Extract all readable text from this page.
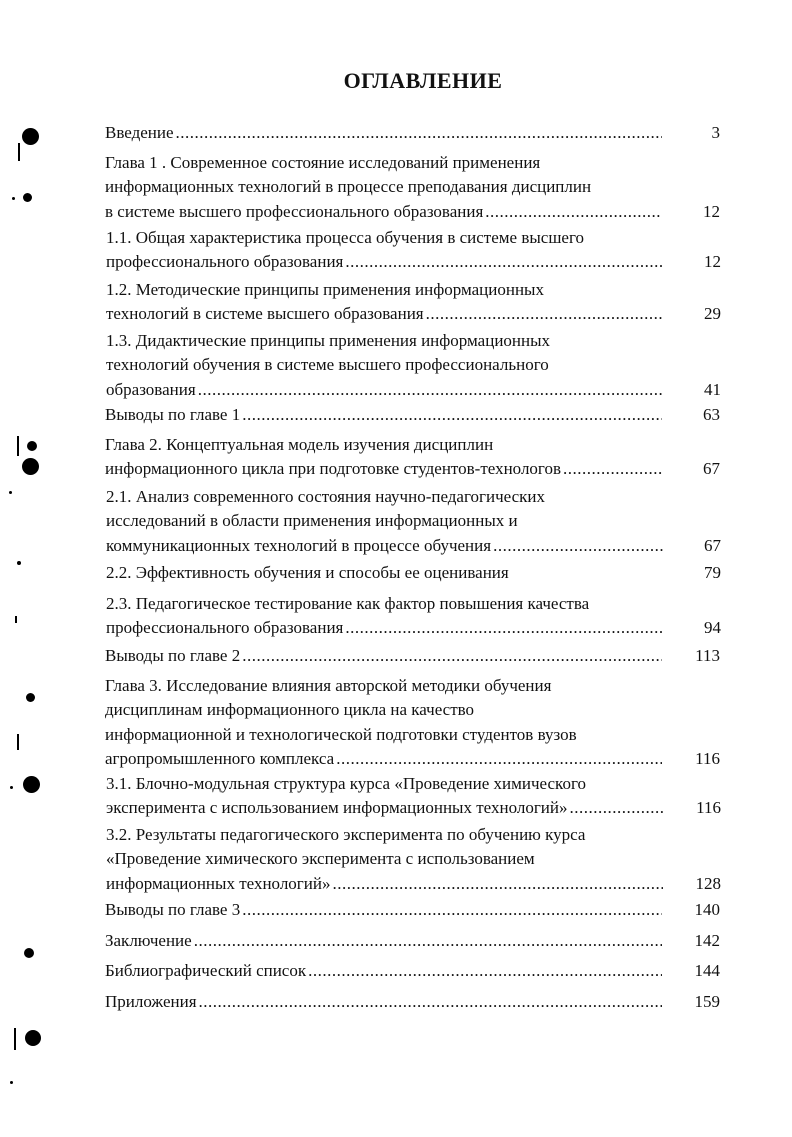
ОГЛАВЛЕНИЕ
Введение .....	3
Глава 1 . Современное состояние исследований применения
информационных технологий в процессе преподавания дисциплин
в системе высшего профессионального образования .....	12
1.1. Общая характеристика процесса обучения в системе высшего
профессионального образования .....	12
1.2. Методические принципы применения информационных
технологий в системе высшего образования .....	29
1.3. Дидактические принципы применения информационных
технологий обучения в системе высшего профессионального
образования .....	41
Выводы по главе 1 .....	63
Глава 2. Концептуальная модель изучения дисциплин
информационного цикла при подготовке студентов-технологов .....	67
2.1. Анализ современного состояния научно-педагогических
исследований в области применения информационных и
коммуникационных технологий в процессе обучения .....	67
2.2. Эффективность обучения и способы ее оценивания	79
2.3. Педагогическое тестирование как фактор повышения качества
профессионального образования .....	94
Выводы по главе 2 .....	113
Глава 3. Исследование влияния авторской методики обучения
дисциплинам информационного цикла на качество
информационной и технологической подготовки студентов вузов
агропромышленного комплекса .....	116
3.1. Блочно-модульная структура курса «Проведение химического
эксперимента с использованием информационных технологий» .....	116
3.2. Результаты педагогического эксперимента по обучению курса
«Проведение химического эксперимента с использованием
информационных технологий» .....	128
Выводы по главе 3 .....	140
Заключение .....	142
Библиографический список .....	144
Приложения .....	159
